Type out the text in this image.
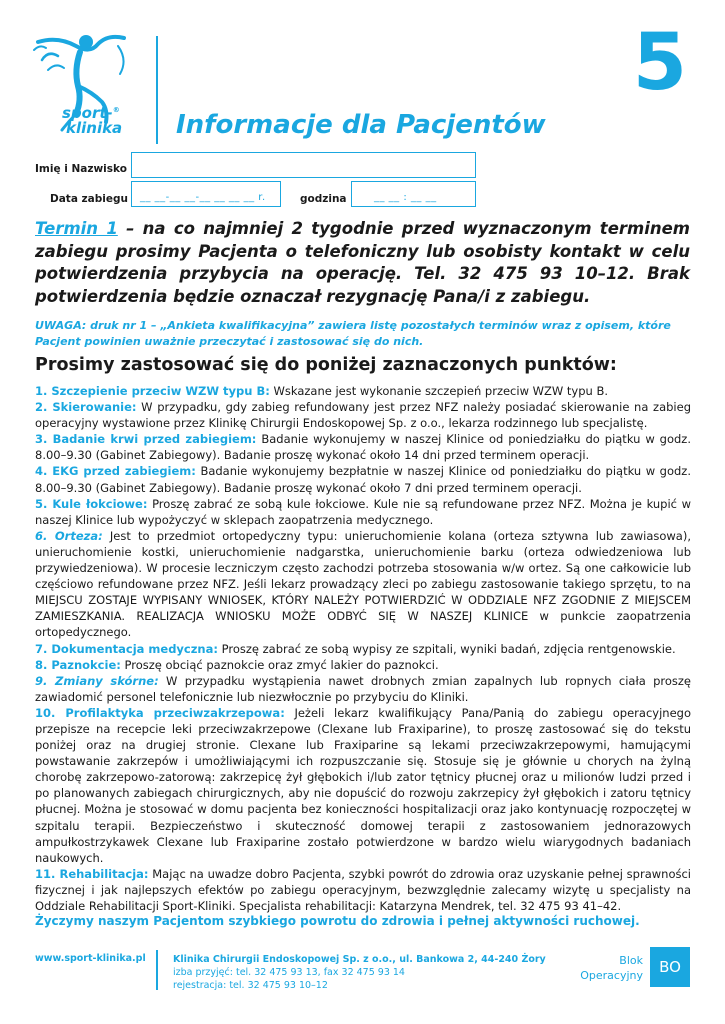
sport-®
klinika
5
Informacje dla Pacjentów
Imię i Nazwisko
Data zabiegu __ __-__ __-__ __ __ __ r.	godzina	__ __ : __ __

Termin 1 – na co najmniej 2 tygodnie przed wyznaczonym terminem zabiegu prosimy Pacjenta o telefoniczny lub osobisty kontakt w celu potwierdzenia przybycia na operację. Tel. 32 475 93 10–12. Brak potwierdzenia będzie oznaczał rezygnację Pana/i z zabiegu.

UWAGA: druk nr 1 – „Ankieta kwalifikacyjna” zawiera listę pozostałych terminów wraz z opisem, które Pacjent powinien uważnie przeczytać i zastosować się do nich.

Prosimy zastosować się do poniżej zaznaczonych punktów:

1. Szczepienie przeciw WZW typu B: Wskazane jest wykonanie szczepień przeciw WZW typu B.

2. Skierowanie: W przypadku, gdy zabieg refundowany jest przez NFZ należy posiadać skierowanie na zabieg operacyjny wystawione przez Klinikę Chirurgii Endoskopowej Sp. z o.o., lekarza rodzinnego lub specjalistę.

3. Badanie krwi przed zabiegiem: Badanie wykonujemy w naszej Klinice od poniedziałku do piątku w godz. 8.00–9.30 (Gabinet Zabiegowy). Badanie proszę wykonać około 14 dni przed terminem operacji.

4. EKG przed zabiegiem: Badanie wykonujemy bezpłatnie w naszej Klinice od poniedziałku do piątku w godz. 8.00–9.30 (Gabinet Zabiegowy). Badanie proszę wykonać około 7 dni przed terminem operacji.

5. Kule łokciowe: Proszę zabrać ze sobą kule łokciowe. Kule nie są refundowane przez NFZ. Można je kupić w naszej Klinice lub wypożyczyć w sklepach zaopatrzenia medycznego.

6. Orteza: Jest to przedmiot ortopedyczny typu: unieruchomienie kolana (orteza sztywna lub zawiasowa), unieruchomienie kostki, unieruchomienie nadgarstka, unieruchomienie barku (orteza odwiedzeniowa lub przywiedzeniowa). W procesie leczniczym często zachodzi potrzeba stosowania w/w ortez. Są one całkowicie lub częściowo refundowane przez NFZ. Jeśli lekarz prowadzący zleci po zabiegu zastosowanie takiego sprzętu, to na MIEJSCU ZOSTAJE WYPISANY WNIOSEK, KTÓRY NALEŻY POTWIERDZIĆ W ODDZIALE NFZ ZGODNIE Z MIEJSCEM ZAMIESZKANIA. REALIZACJA WNIOSKU MOŻE ODBYĆ SIĘ W NASZEJ KLINICE w punkcie zaopatrzenia ortopedycznego.

7. Dokumentacja medyczna: Proszę zabrać ze sobą wypisy ze szpitali, wyniki badań, zdjęcia rentgenowskie.

8. Paznokcie: Proszę obciąć paznokcie oraz zmyć lakier do paznokci.

9. Zmiany skórne: W przypadku wystąpienia nawet drobnych zmian zapalnych lub ropnych ciała proszę zawiadomić personel telefonicznie lub niezwłocznie po przybyciu do Kliniki.

10. Profilaktyka przeciwzakrzepowa: Jeżeli lekarz kwalifikujący Pana/Panią do zabiegu operacyjnego przepisze na recepcie leki przeciwzakrzepowe (Clexane lub Fraxiparine), to proszę zastosować się do tekstu poniżej oraz na drugiej stronie. Clexane lub Fraxiparine są lekami przeciwzakrzepowymi, hamującymi powstawanie zakrzepów i umożliwiającymi ich rozpuszczanie się. Stosuje się je głównie u chorych na żylną chorobę zakrzepowo-zatorową: zakrzepicę żył głębokich i/lub zator tętnicy płucnej oraz u milionów ludzi przed i po planowanych zabiegach chirurgicznych, aby nie dopuścić do rozwoju zakrzepicy żył głębokich i zatoru tętnicy płucnej. Można je stosować w domu pacjenta bez konieczności hospitalizacji oraz jako kontynuację rozpoczętej w szpitalu terapii. Bezpieczeństwo i skuteczność domowej terapii z zastosowaniem jednorazowych ampułkostrzykawek Clexane lub Fraxiparine zostało potwierdzone w bardzo wielu wiarygodnych badaniach naukowych.

11. Rehabilitacja: Mając na uwadze dobro Pacjenta, szybki powrót do zdrowia oraz uzyskanie pełnej sprawności fizycznej i jak najlepszych efektów po zabiegu operacyjnym, bezwzględnie zalecamy wizytę u specjalisty na Oddziale Rehabilitacji Sport-Kliniki. Specjalista rehabilitacji: Katarzyna Mendrek, tel. 32 475 93 41–42.

Życzymy naszym Pacjentom szybkiego powrotu do zdrowia i pełnej aktywności ruchowej.

www.sport-klinika.pl	Klinika Chirurgii Endoskopowej Sp. z o.o., ul. Bankowa 2, 44-240 Żory
izba przyjęć: tel. 32 475 93 13, fax 32 475 93 14
rejestracja: tel. 32 475 93 10–12
Blok
Operacyjny	BO
